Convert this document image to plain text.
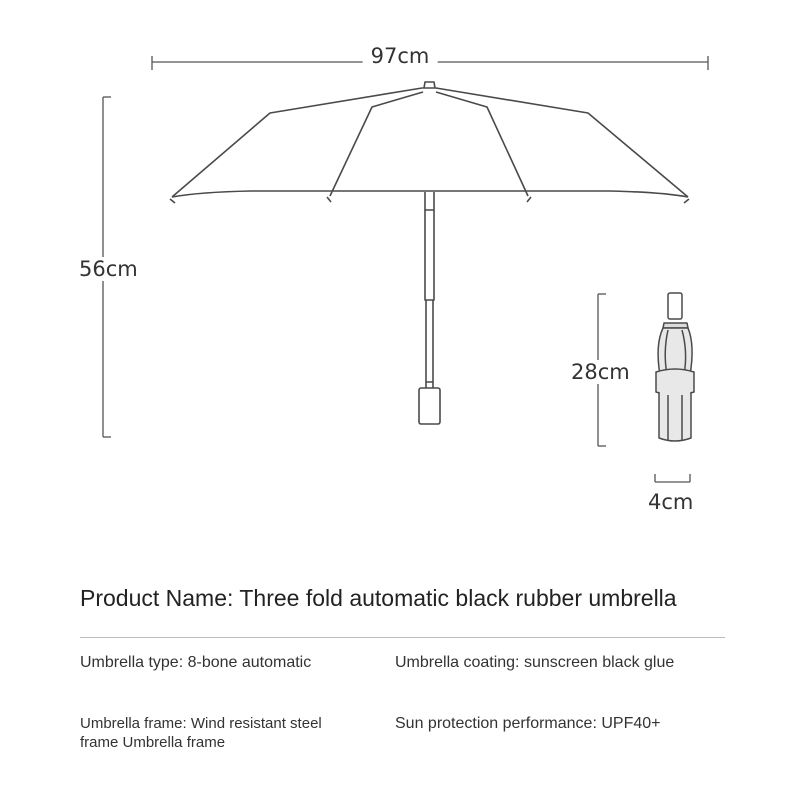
97cm
56cm
28cm
4cm
Product Name: Three fold automatic black rubber umbrella
Umbrella type: 8-bone automatic	Umbrella coating: sunscreen black glue
Umbrella frame: Wind resistant steel frame Umbrella frame
Sun protection performance: UPF40+
